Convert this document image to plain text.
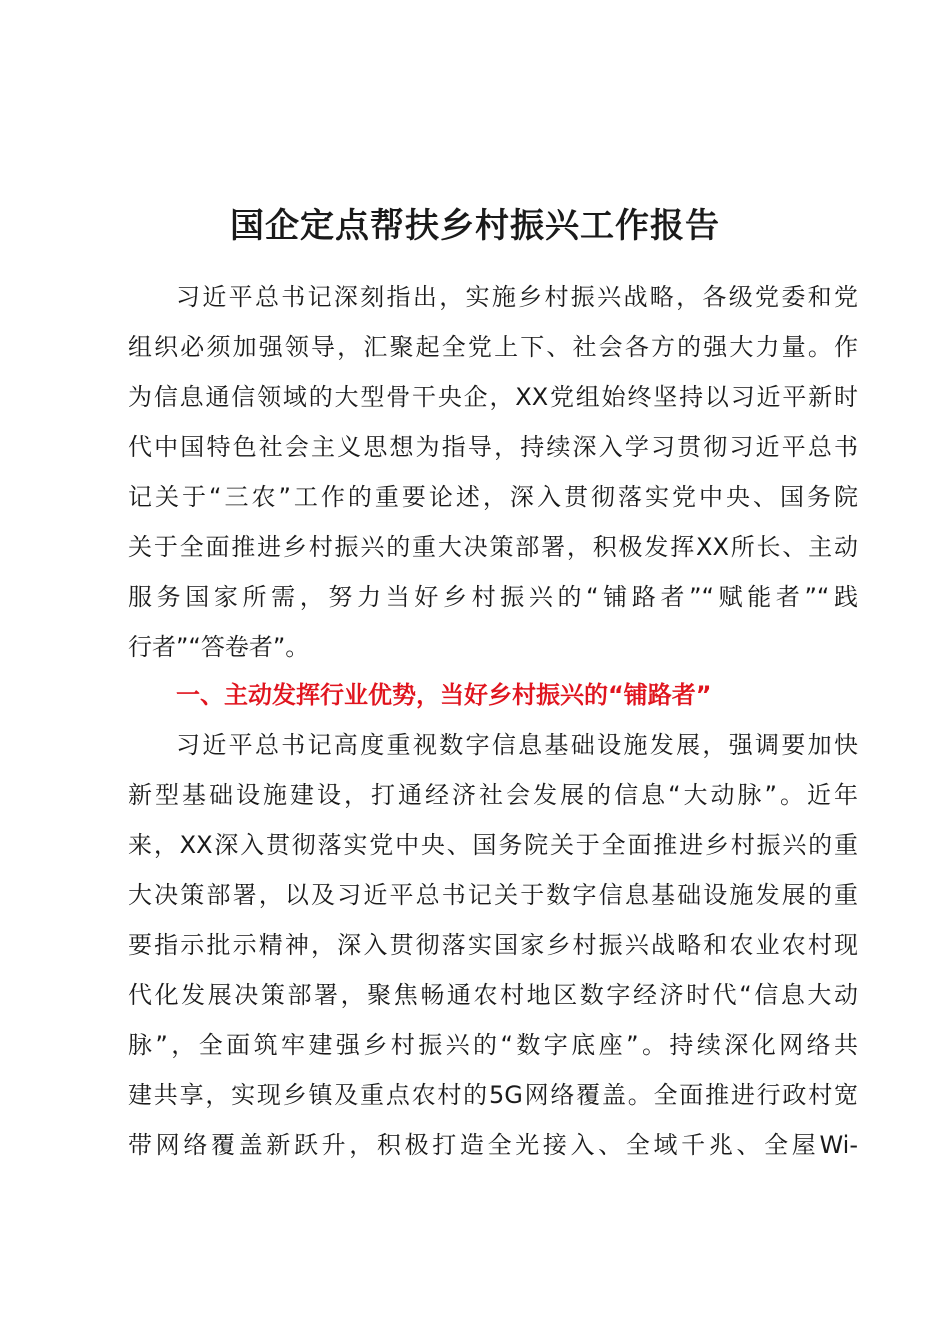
国企定点帮扶乡村振兴工作报告
习近平总书记深刻指出，实施乡村振兴战略，各级党委和党
组织必须加强领导，汇聚起全党上下、社会各方的强大力量。作
为信息通信领域的大型骨干央企，XX党组始终坚持以习近平新时
代中国特色社会主义思想为指导，持续深入学习贯彻习近平总书
记关于“三农”工作的重要论述，深入贯彻落实党中央、国务院
关于全面推进乡村振兴的重大决策部署，积极发挥XX所长、主动
服务国家所需，努力当好乡村振兴的“铺路者”“赋能者”“践
行者”“答卷者”。
一、主动发挥行业优势，当好乡村振兴的“铺路者”
习近平总书记高度重视数字信息基础设施发展，强调要加快
新型基础设施建设，打通经济社会发展的信息“大动脉”。近年
来，XX深入贯彻落实党中央、国务院关于全面推进乡村振兴的重
大决策部署，以及习近平总书记关于数字信息基础设施发展的重
要指示批示精神，深入贯彻落实国家乡村振兴战略和农业农村现
代化发展决策部署，聚焦畅通农村地区数字经济时代“信息大动
脉”，全面筑牢建强乡村振兴的“数字底座”。持续深化网络共
建共享，实现乡镇及重点农村的5G网络覆盖。全面推进行政村宽
带网络覆盖新跃升，积极打造全光接入、全域千兆、全屋Wi-
